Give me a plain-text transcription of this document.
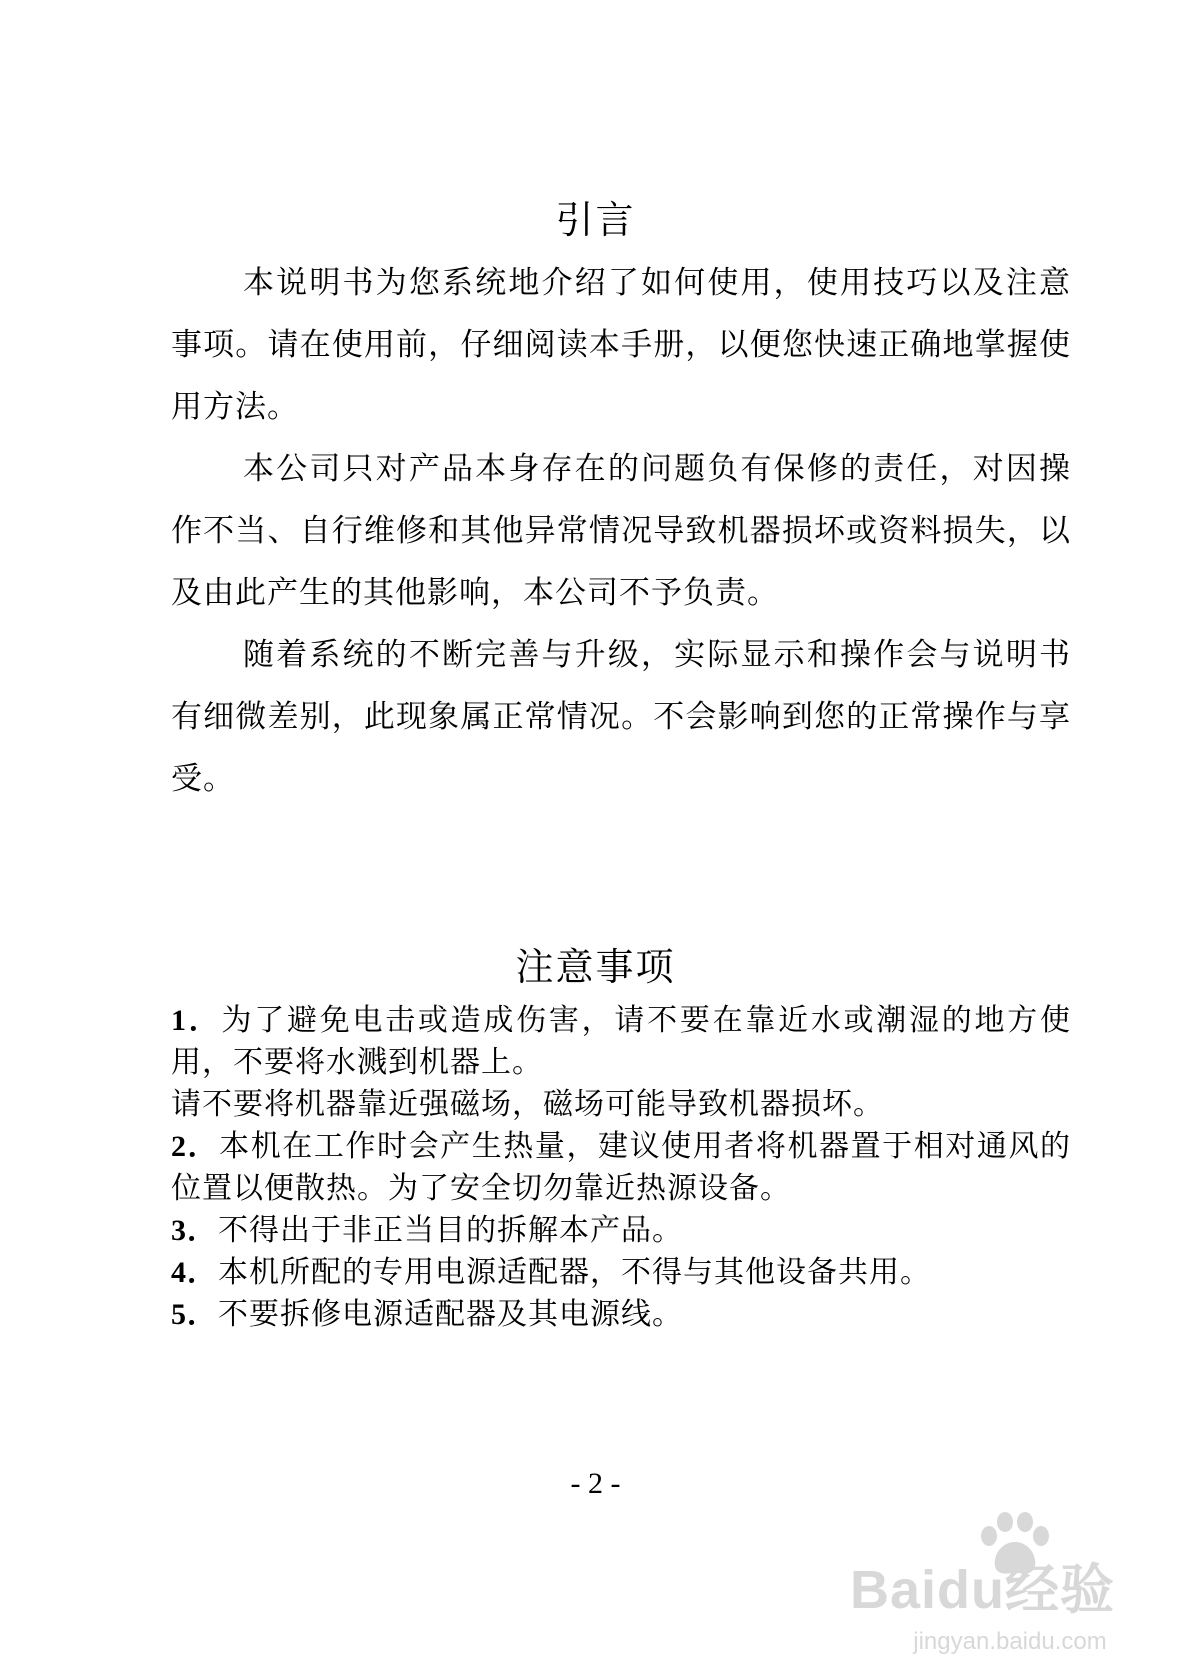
引言
本说明书为您系统地介绍了如何使用，使用技巧以及注意事项。请在使用前，仔细阅读本手册，以便您快速正确地掌握使用方法。
本公司只对产品本身存在的问题负有保修的责任，对因操作不当、自行维修和其他异常情况导致机器损坏或资料损失，以及由此产生的其他影响，本公司不予负责。
随着系统的不断完善与升级，实际显示和操作会与说明书有细微差别，此现象属正常情况。不会影响到您的正常操作与享受。
注意事项

1．为了避免电击或造成伤害，请不要在靠近水或潮湿的地方使用，不要将水溅到机器上。

请不要将机器靠近强磁场，磁场可能导致机器损坏。

2．本机在工作时会产生热量，建议使用者将机器置于相对通风的位置以便散热。为了安全切勿靠近热源设备。

3．不得出于非正当目的拆解本产品。

4．本机所配的专用电源适配器，不得与其他设备共用。

5．不要拆修电源适配器及其电源线。

- 2 -
Baidu经验
jingyan.baidu.com
